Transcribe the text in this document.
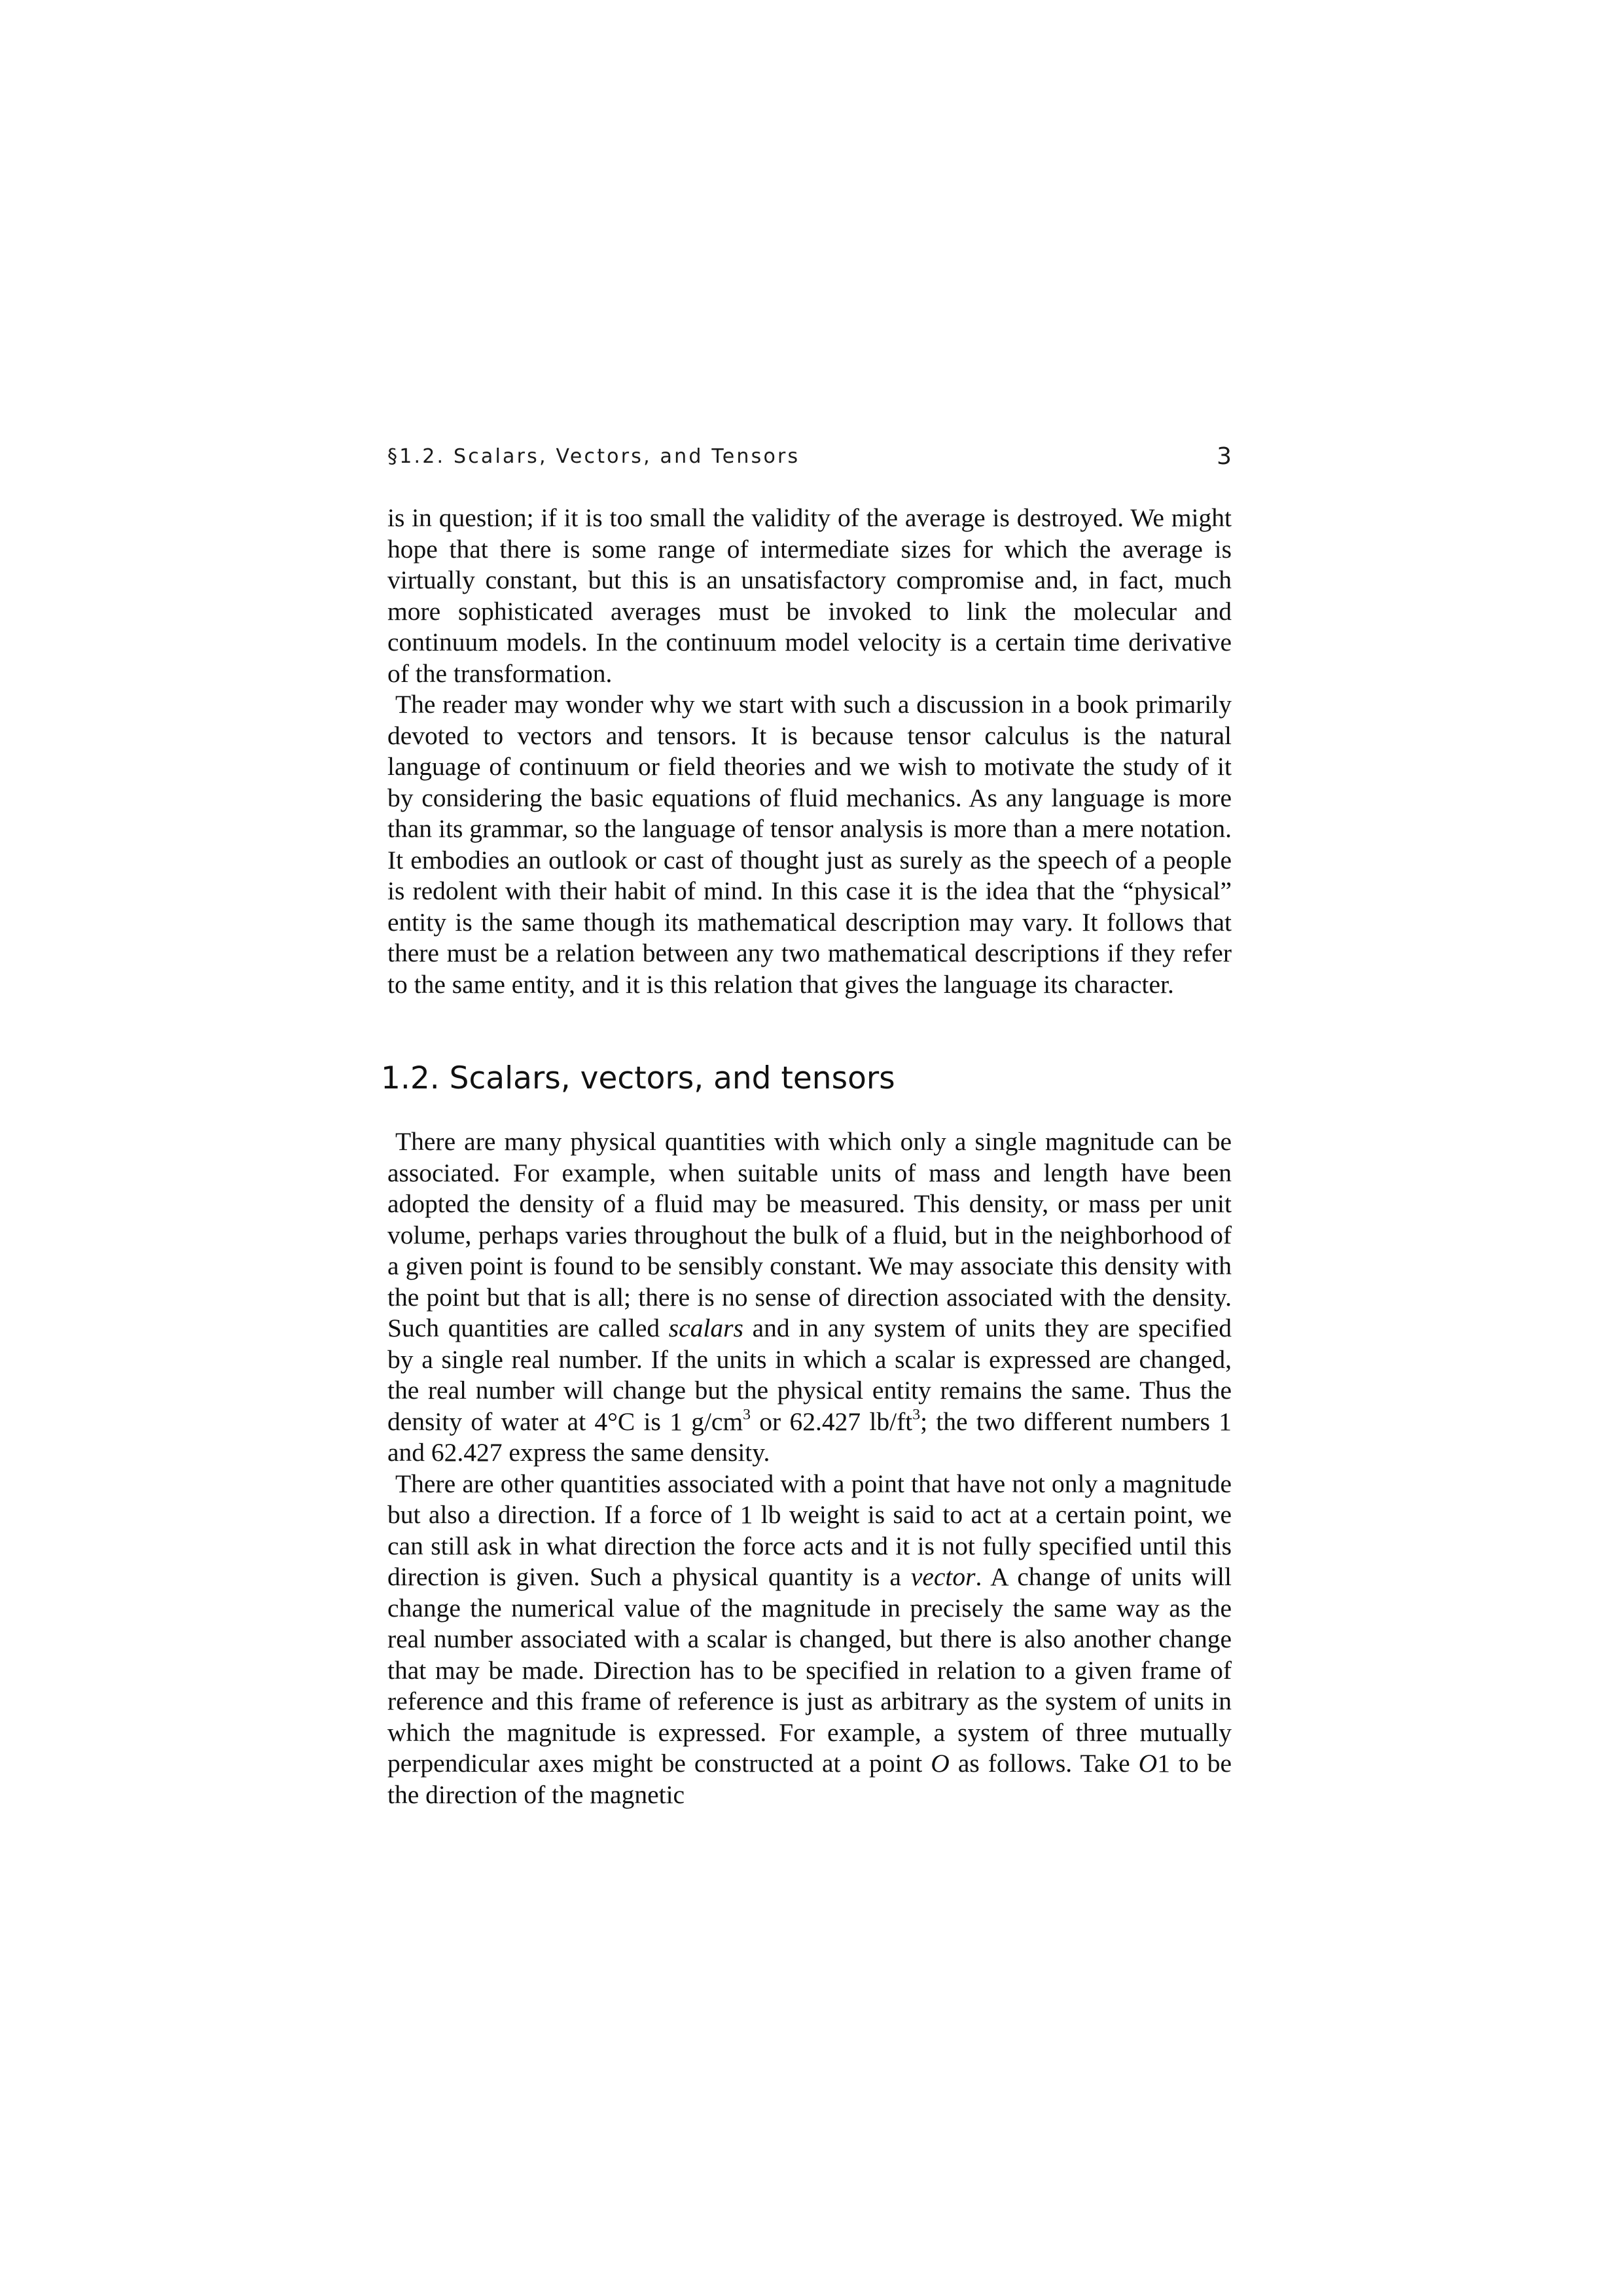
§1.2. Scalars, Vectors, and Tensors	3

is in question; if it is too small the validity of the average is destroyed. We might hope that there is some range of intermediate sizes for which the average is virtually constant, but this is an unsatisfactory compromise and, in fact, much more sophisticated averages must be invoked to link the molecular and continuum models. In the continuum model velocity is a certain time derivative of the transformation.

The reader may wonder why we start with such a discussion in a book primarily devoted to vectors and tensors. It is because tensor calculus is the natural language of continuum or field theories and we wish to motivate the study of it by considering the basic equations of fluid mechanics. As any language is more than its grammar, so the language of tensor analysis is more than a mere notation. It embodies an outlook or cast of thought just as surely as the speech of a people is redolent with their habit of mind. In this case it is the idea that the “physical” entity is the same though its mathematical description may vary. It follows that there must be a relation between any two mathematical descriptions if they refer to the same entity, and it is this relation that gives the language its character.

1.2. Scalars, vectors, and tensors

There are many physical quantities with which only a single magnitude can be associated. For example, when suitable units of mass and length have been adopted the density of a fluid may be measured. This density, or mass per unit volume, perhaps varies throughout the bulk of a fluid, but in the neighborhood of a given point is found to be sensibly constant. We may associate this density with the point but that is all; there is no sense of direction associated with the density. Such quantities are called scalars and in any system of units they are specified by a single real number. If the units in which a scalar is expressed are changed, the real number will change but the physical entity remains the same. Thus the density of water at 4°C is 1 $g/cm^3$ or 62.427 $lb/ft^3$; the two different numbers 1 and 62.427 express the same density.

There are other quantities associated with a point that have not only a magnitude but also a direction. If a force of 1 lb weight is said to act at a certain point, we can still ask in what direction the force acts and it is not fully specified until this direction is given. Such a physical quantity is a vector. A change of units will change the numerical value of the magnitude in precisely the same way as the real number associated with a scalar is changed, but there is also another change that may be made. Direction has to be specified in relation to a given frame of reference and this frame of reference is just as arbitrary as the system of units in which the magnitude is expressed. For example, a system of three mutually perpendicular axes might be constructed at a point O as follows. Take O1 to be the direction of the magnetic
